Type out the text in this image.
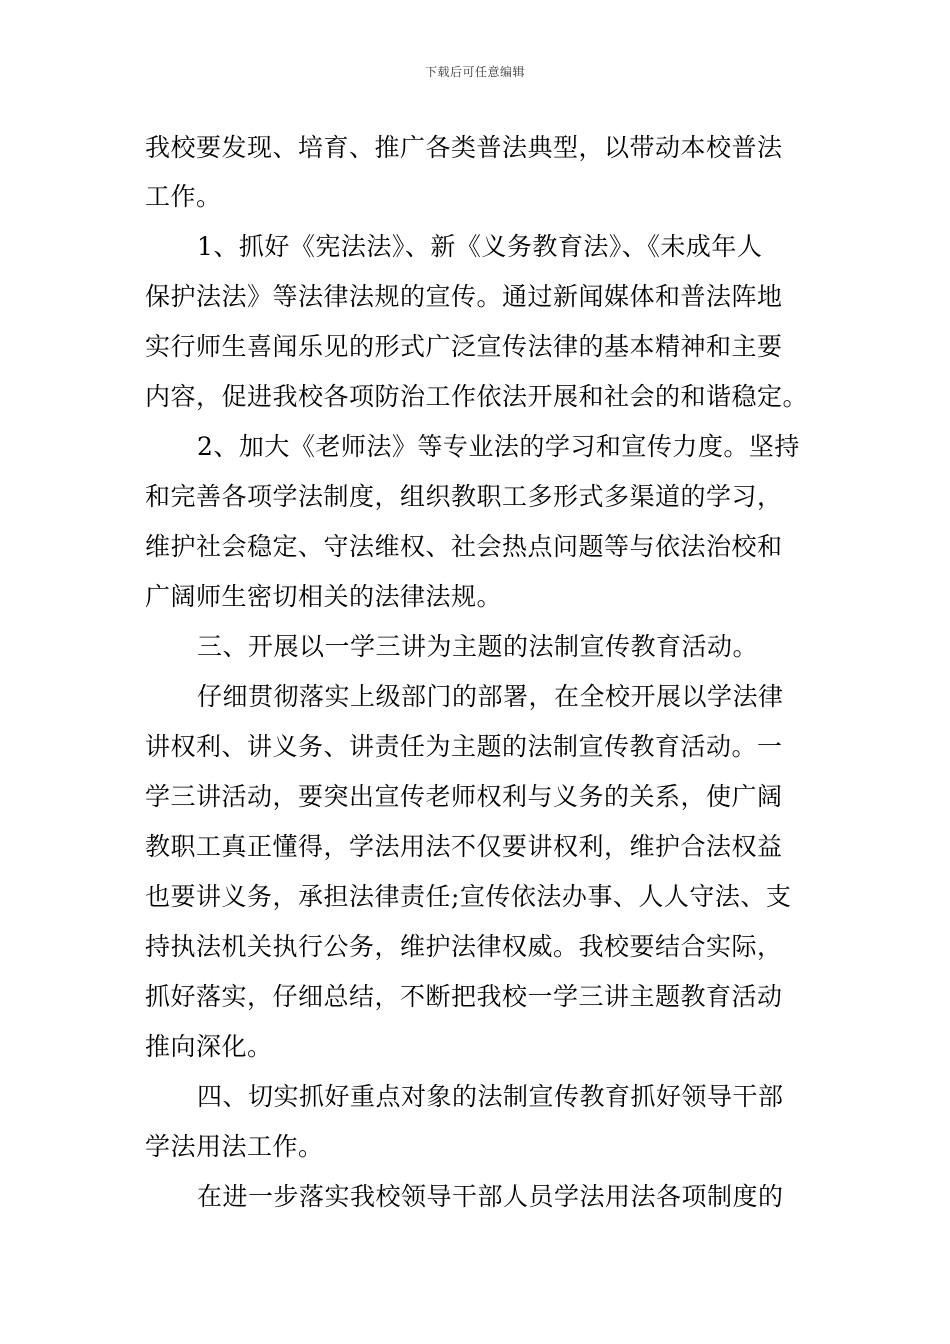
下载后可任意编辑
我校要发现、培育、推广各类普法典型，以带动本校普法
工作。
1、抓好《宪法法》、新《义务教育法》、《未成年人
保护法法》等法律法规的宣传。通过新闻媒体和普法阵地
实行师生喜闻乐见的形式广泛宣传法律的基本精神和主要
内容，促进我校各项防治工作依法开展和社会的和谐稳定。
2、加大《老师法》等专业法的学习和宣传力度。坚持
和完善各项学法制度，组织教职工多形式多渠道的学习，
维护社会稳定、守法维权、社会热点问题等与依法治校和
广阔师生密切相关的法律法规。
三、开展以一学三讲为主题的法制宣传教育活动。
仔细贯彻落实上级部门的部署，在全校开展以学法律
讲权利、讲义务、讲责任为主题的法制宣传教育活动。一
学三讲活动，要突出宣传老师权利与义务的关系，使广阔
教职工真正懂得，学法用法不仅要讲权利，维护合法权益
也要讲义务，承担法律责任;宣传依法办事、人人守法、支
持执法机关执行公务，维护法律权威。我校要结合实际，
抓好落实，仔细总结，不断把我校一学三讲主题教育活动
推向深化。
四、切实抓好重点对象的法制宣传教育抓好领导干部
学法用法工作。
在进一步落实我校领导干部人员学法用法各项制度的
